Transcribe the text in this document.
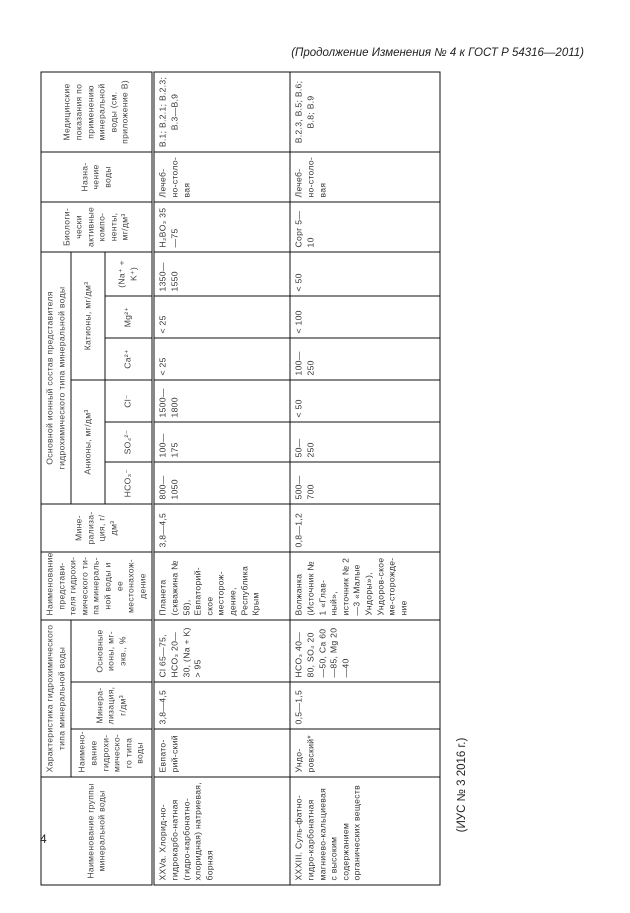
(Продолжение Изменения № 4 к ГОСТ Р 54316—2011)
Наименование группы минеральной воды	Характеристика гидрохимического типа минеральной воды			Наименование представи-теля гидрохи-мического ти-па минераль-ной воды и ее местонахож-дение	Мине-рализа-ция, г/дм³	Основной ионный состав представителя гидрохимического типа минеральной воды						Биологи-чески активные компо-ненты, мг/дм³	Назна-чение воды	Медицинские показания по применению минеральной воды (см. приложение В)
	Наимено-вание гидрохи-мическо-го типа воды	Минера-лизация, г/дм³	Основные ионы, мг-экв., %			Анионы, мг/дм³			Катионы, мг/дм³					
						HCO₃⁻	SO₄²⁻	Cl⁻	Ca²⁺	Mg²⁺	(Na⁺ + K⁺)			
XXVa. Хлорид-но-гидрокарбо-натная (гидро-карбонатно-хлоридная) натриевая, борная	Евпато-рий-ский	3,8—4,5	Cl 65—75, HCO₃ 20—30, (Na + K) > 95	Планета (скважина № 58), Евпаторий-ское месторож-дение, Республика Крым	3,8—4,5	800—1050	100—175	1500—1800	< 25	< 25	1350—1550	H₂BO₃ 35—75	Лечеб-но-столо-вая	B.1; B.2.1; B.2.3; B.3—B.9
XXXIII. Суль-фатно-гидро-карбонатная магниево-кальциевая с высоким содержанием органических веществ	Ундо-ровский*	0,5—1,5	HCO₃ 40—80, SO₄ 20—50, Ca 60—85, Mg 20—40	Волжанка (Источник № 1 «Глав-ный», источник № 2—3 «Малые Ундоры»), Ундоров-ское ме-сторожде-ние	0,8—1,2	500—700	50—250	< 50	100—250	< 100	< 50	Cорг 5—10	Лечеб-но-столо-вая	B.2.3, B.5; B.6; B.8; B.9
(ИУС № 3 2016 г.)
4
